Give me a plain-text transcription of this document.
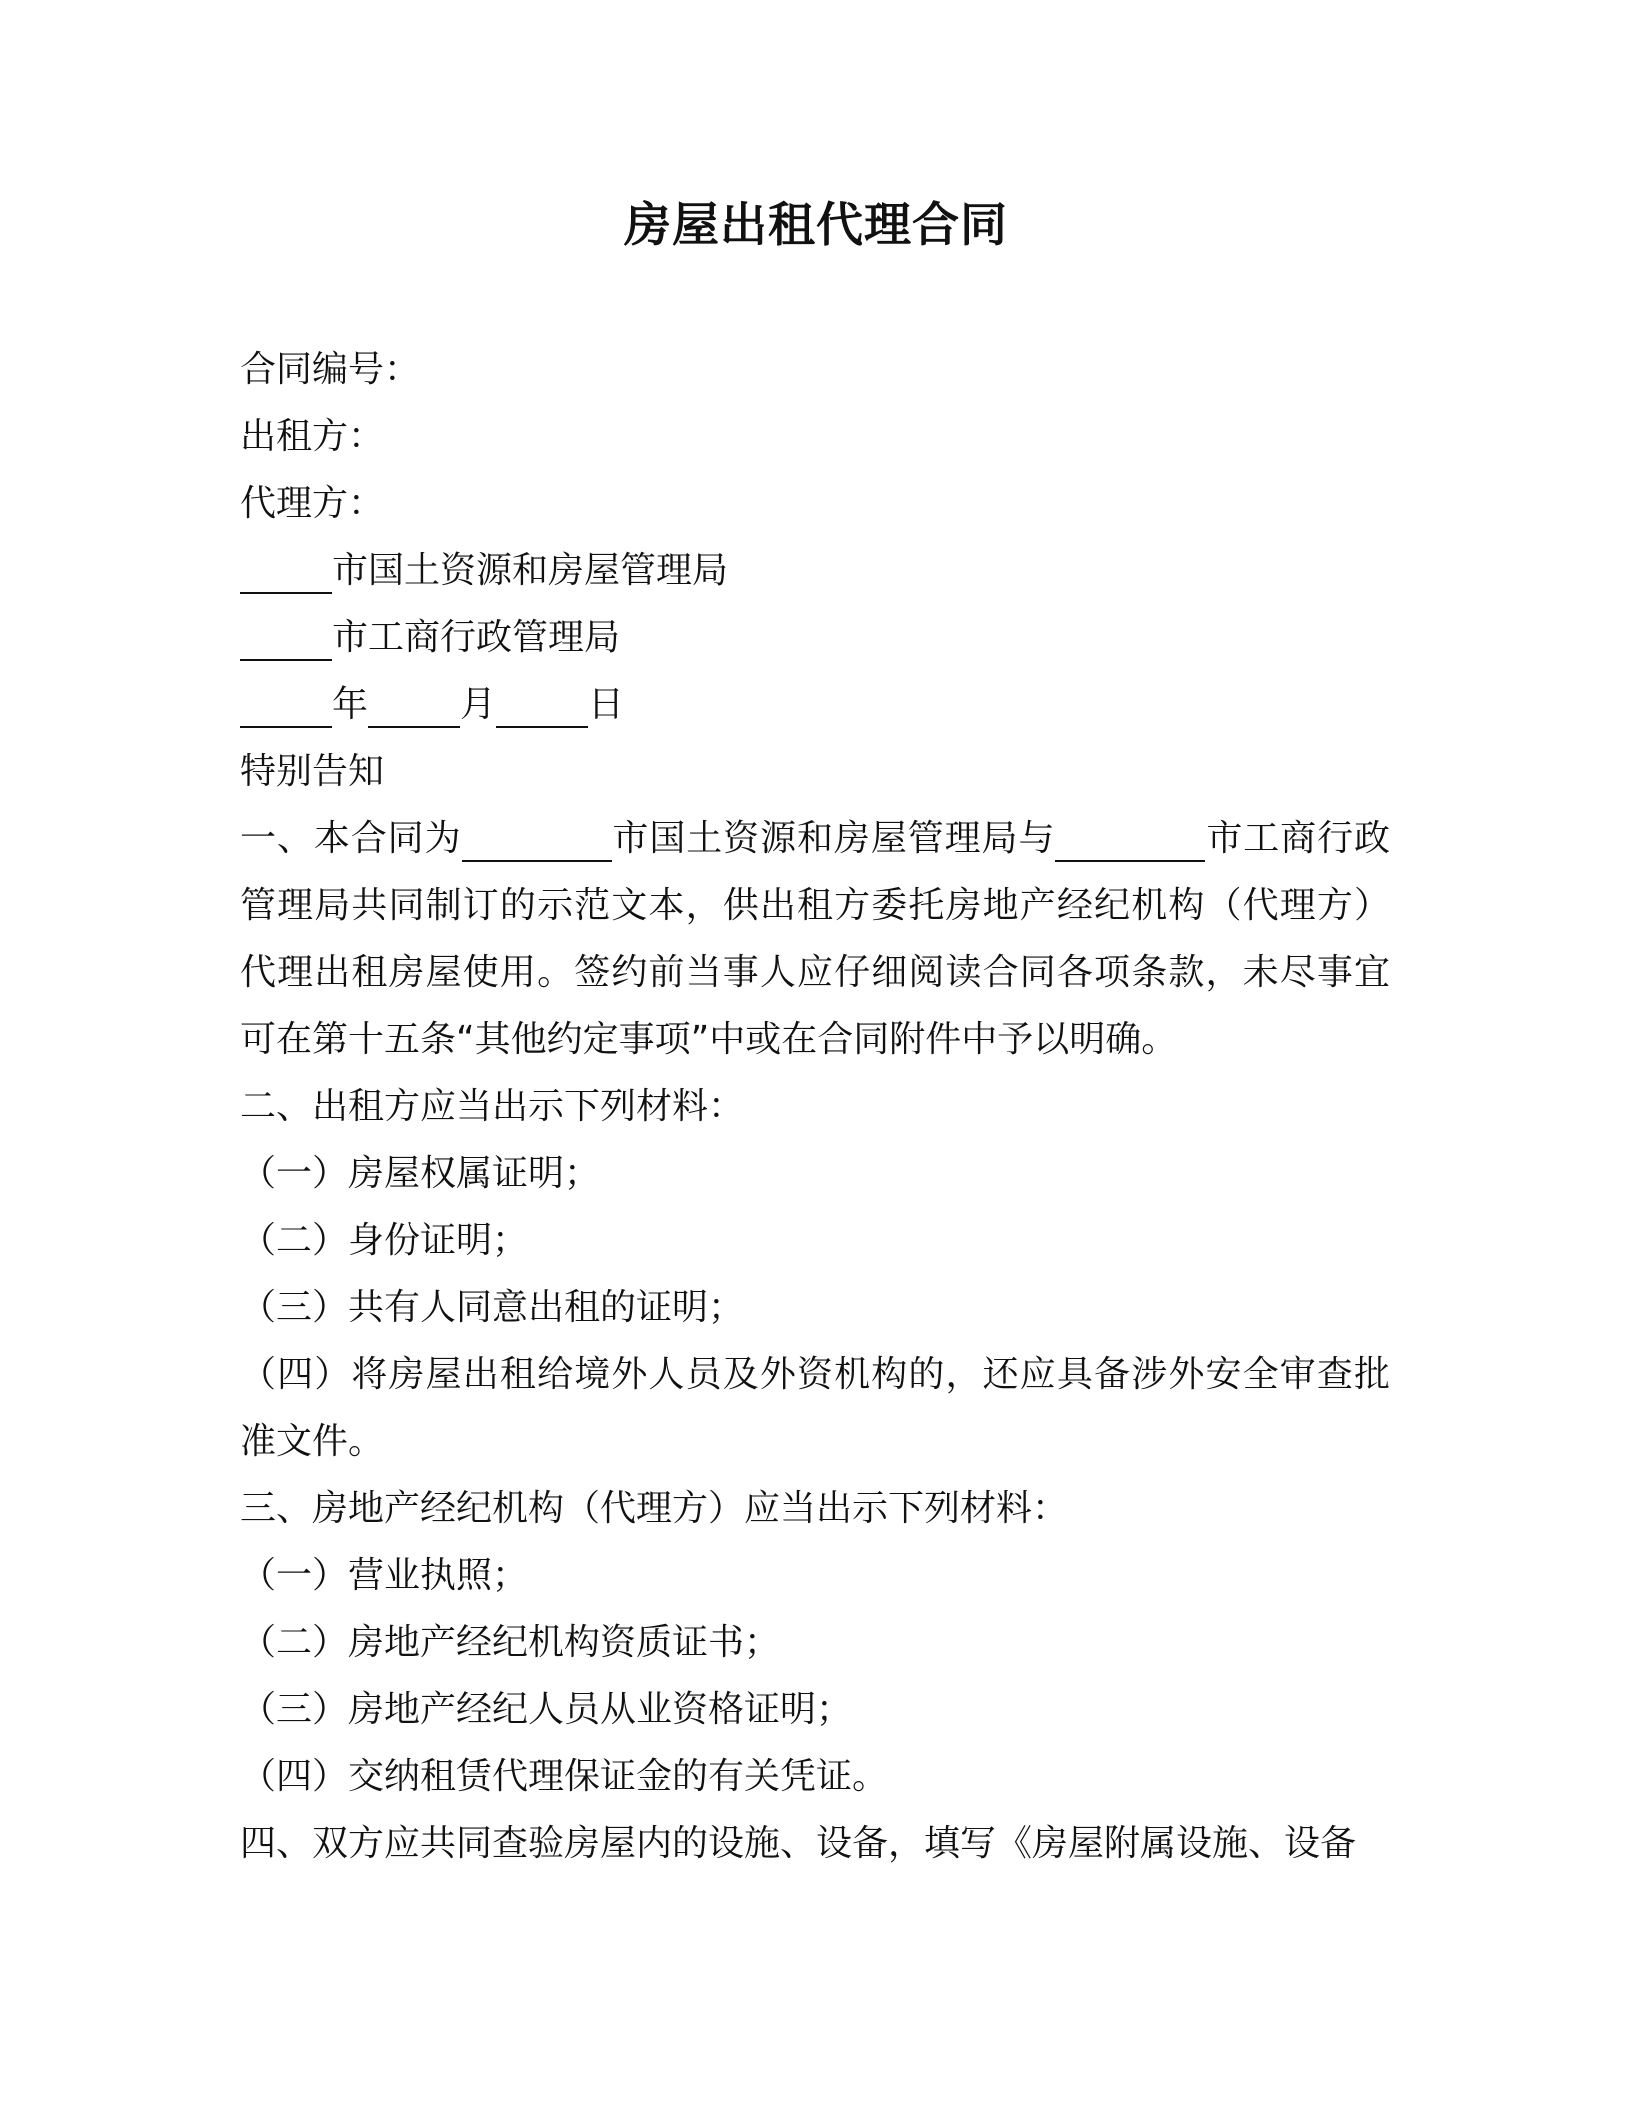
房屋出租代理合同
合同编号：
出租方：
代理方：
市国土资源和房屋管理局
市工商行政管理局
年	月	日
特别告知
一、本合同为	市国土资源和房屋管理局与	市工商行政管理局共同制订的示范文本，供出租方委托房地产经纪机构（代理方）代理出租房屋使用。签约前当事人应仔细阅读合同各项条款，未尽事宜可在第十五条“其他约定事项”中或在合同附件中予以明确。
二、出租方应当出示下列材料：
（一）房屋权属证明；
（二）身份证明；
（三）共有人同意出租的证明；
（四）将房屋出租给境外人员及外资机构的，还应具备涉外安全审查批准文件。
三、房地产经纪机构（代理方）应当出示下列材料：
（一）营业执照；
（二）房地产经纪机构资质证书；
（三）房地产经纪人员从业资格证明；
（四）交纳租赁代理保证金的有关凭证。
四、双方应共同查验房屋内的设施、设备，填写《房屋附属设施、设备
